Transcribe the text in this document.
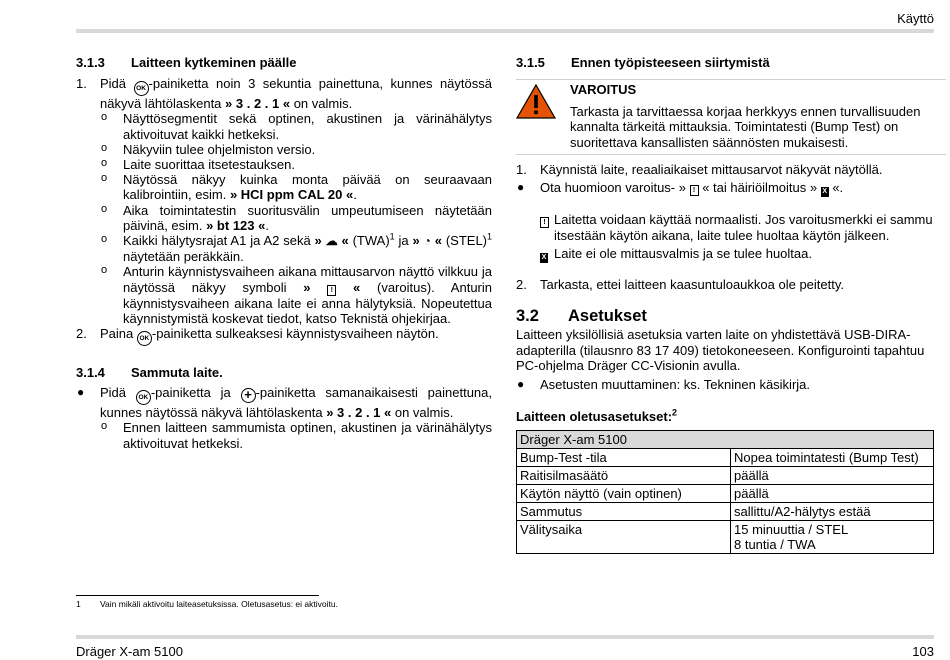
Käyttö
3.1.3 Laitteen kytkeminen päälle
1. Pidä OK -painiketta noin 3 sekuntia painettuna, kunnes näytössä näkyvä lähtölaskenta » 3 . 2 . 1 « on valmis.
o Näyttösegmentit sekä optinen, akustinen ja värinähälytys aktivoituvat kaikki hetkeksi.
o Näkyviin tulee ohjelmiston versio.
o Laite suorittaa itsetestauksen.
o Näytössä näkyy kuinka monta päivää on seuraavaan kalibrointiin, esim. » HCI ppm CAL 20 «.
o Aika toimintatestin suoritusvälin umpeutumiseen näytetään päivinä, esim. » bt 123 «.
o Kaikki hälytysrajat A1 ja A2 sekä » ☁ « (TWA)$^1$ ja » ◔ « (STEL)$^1$ näytetään peräkkäin.
o Anturin käynnistysvaiheen aikana mittausarvon näyttö vilkkuu ja näytössä näkyy symboli » ! « (varoitus). Anturin käynnistysvaiheen aikana laite ei anna hälytyksiä. Nopeutettua käynnistymistä koskevat tiedot, katso Teknistä ohjekirjaa.
2. Paina OK -painiketta sulkeaksesi käynnistysvaiheen näytön.
3.1.4 Sammuta laite.
● Pidä OK -painiketta ja + -painiketta samanaikaisesti painettuna, kunnes näytössä näkyvä lähtölaskenta » 3 . 2 . 1 « on valmis.
o Ennen laitteen sammumista optinen, akustinen ja värinähälytys aktivoituvat hetkeksi.
3.1.5 Ennen työpisteeseen siirtymistä
VAROITUS
Tarkasta ja tarvittaessa korjaa herkkyys ennen turvallisuuden kannalta tärkeitä mittauksia. Toimintatesti (Bump Test) on suoritettava kansallisten säännösten mukaisesti.
1. Käynnistä laite, reaaliaikaiset mittausarvot näkyvät näytöllä.
● Ota huomioon varoitus- » ! « tai häiriöilmoitus » X «.
! Laitetta voidaan käyttää normaalisti. Jos varoitusmerkki ei sammu itsestään käytön aikana, laite tulee huoltaa käytön jälkeen.
X Laite ei ole mittausvalmis ja se tulee huoltaa.
2. Tarkasta, ettei laitteen kaasuntuloaukkoa ole peitetty.
3.2 Asetukset
Laitteen yksilöllisiä asetuksia varten laite on yhdistettävä USB-DIRA-adapterilla (tilausnro 83 17 409) tietokoneeseen. Konfigurointi tapahtuu PC-ohjelma Dräger CC-Visionin avulla.
● Asetusten muuttaminen: ks. Tekninen käsikirja.
Laitteen oletusasetukset:$^2$
Dräger X-am 5100	
Bump-Test -tila	Nopea toimintatesti (Bump Test)
Raitisilmasäätö	päällä
Käytön näyttö (vain optinen)	päällä
Sammutus	sallittu/A2-hälytys estää
Välitysaika	15 minuuttia / STEL
8 tuntia / TWA
1 Vain mikäli aktivoitu laiteasetuksissa. Oletusasetus: ei aktivoitu.
Dräger X-am 5100	103
